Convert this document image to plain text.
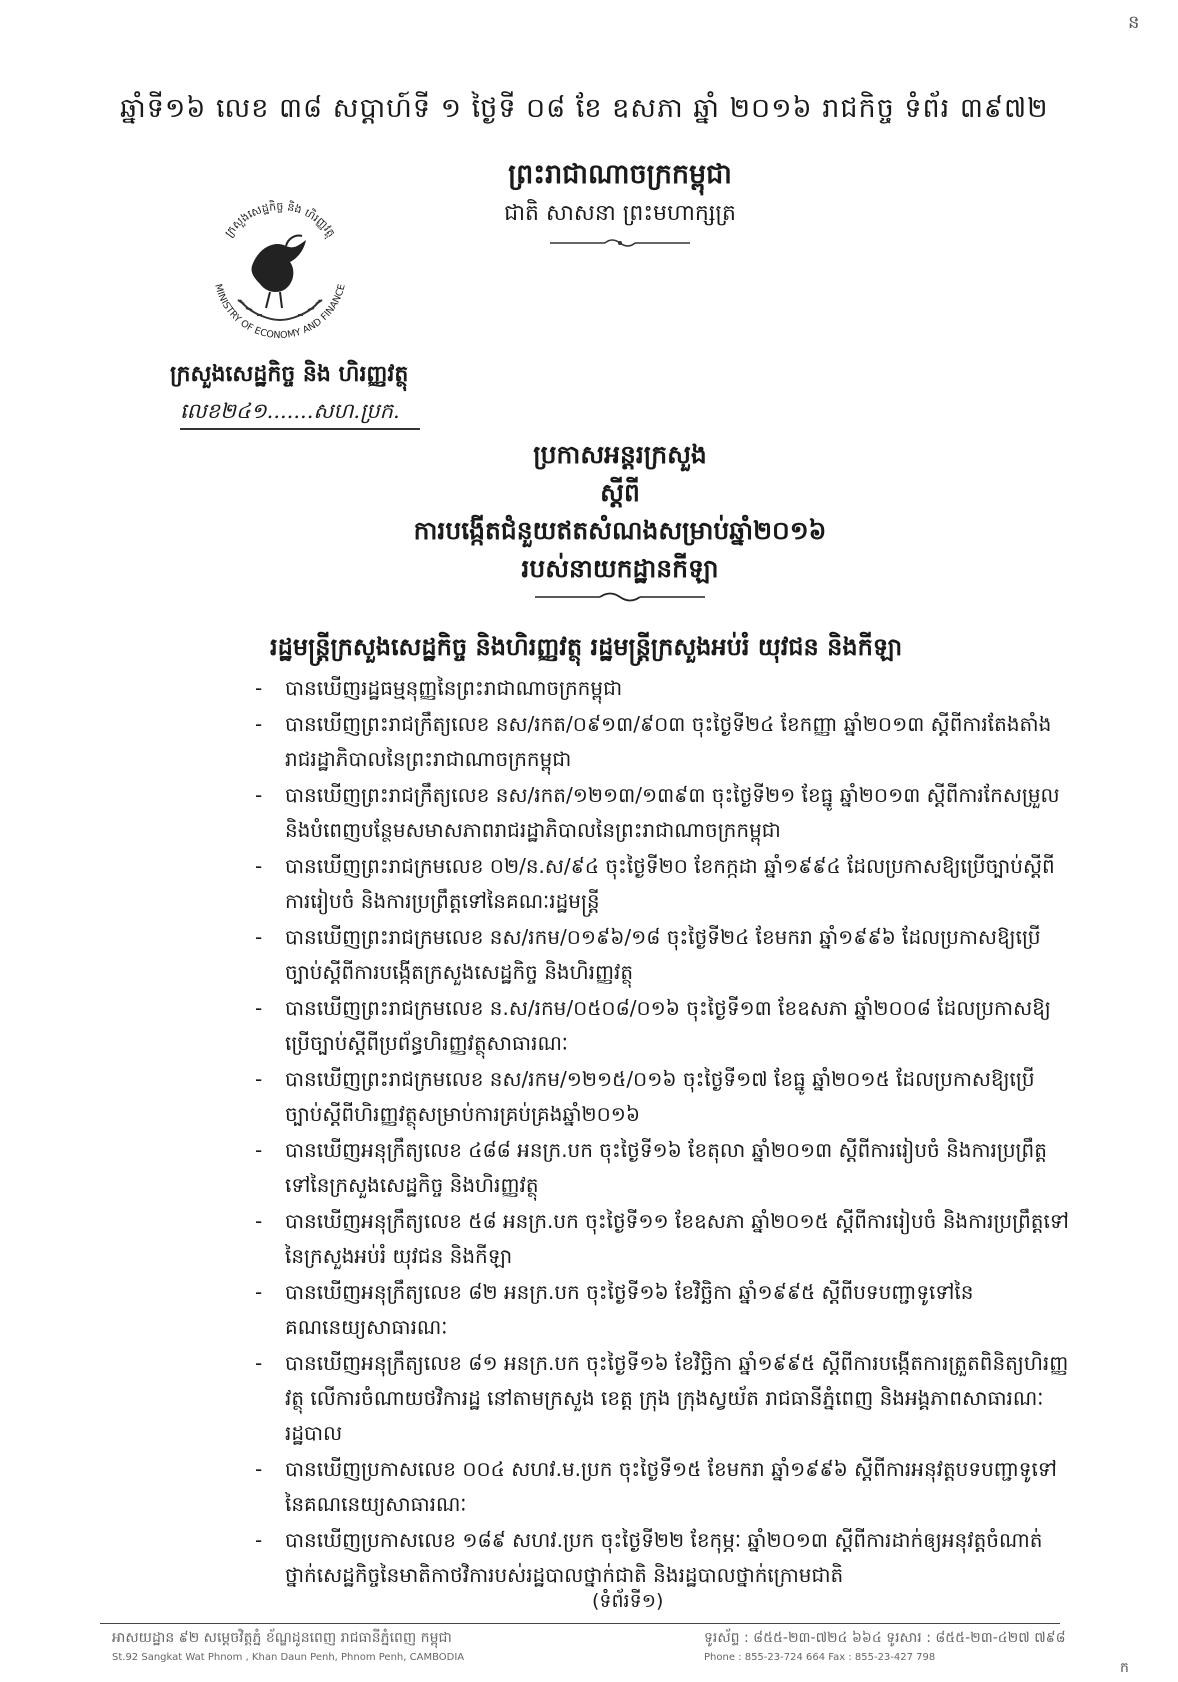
ន
ឆ្នាំទី១៦ លេខ ៣៨ សប្តាហ៍ទី ១ ថ្ងៃទី ០៨ ខែ ឧសភា ឆ្នាំ ២០១៦ រាជកិច្ច ទំព័រ ៣៩៧២
ព្រះរាជាណាចក្រកម្ពុជា
ជាតិ សាសនា ព្រះមហាក្សត្រ
ក្រសួងសេដ្ឋកិច្ច និង ហិរញ្ញវត្ថុ
MINISTRY OF ECONOMY AND FINANCE
ក្រសួងសេដ្ឋកិច្ច និង ហិរញ្ញវត្ថុ
លេខ២៤១.......សហ.ប្រក.
ប្រកាសអន្តរក្រសួង
ស្តីពី
ការបង្កើតជំនួយឥតសំណងសម្រាប់ឆ្នាំ២០១៦
របស់នាយកដ្ឋានកីឡា
រដ្ឋមន្ត្រីក្រសួងសេដ្ឋកិច្ច និងហិរញ្ញវត្ថុ រដ្ឋមន្ត្រីក្រសួងអប់រំ យុវជន និងកីឡា
- បានឃើញរដ្ឋធម្មនុញ្ញនៃព្រះរាជាណាចក្រកម្ពុជា
- បានឃើញព្រះរាជក្រឹត្យលេខ នស/រកត/០៩១៣/៩០៣ ចុះថ្ងៃទី២៤ ខែកញ្ញា ឆ្នាំ២០១៣ ស្តីពីការតែងតាំងរាជរដ្ឋាភិបាលនៃព្រះរាជាណាចក្រកម្ពុជា
- បានឃើញព្រះរាជក្រឹត្យលេខ នស/រកត/១២១៣/១៣៩៣ ចុះថ្ងៃទី២១ ខែធ្នូ ឆ្នាំ២០១៣ ស្តីពីការកែសម្រួល និងបំពេញបន្ថែមសមាសភាពរាជរដ្ឋាភិបាលនៃព្រះរាជាណាចក្រកម្ពុជា
- បានឃើញព្រះរាជក្រមលេខ ០២/ន.ស/៩៤ ចុះថ្ងៃទី២០ ខែកក្កដា ឆ្នាំ១៩៩៤ ដែលប្រកាសឱ្យប្រើច្បាប់ស្តីពីការរៀបចំ និងការប្រព្រឹត្តទៅនៃគណៈរដ្ឋមន្ត្រី
- បានឃើញព្រះរាជក្រមលេខ នស/រកម/០១៩៦/១៨ ចុះថ្ងៃទី២៤ ខែមករា ឆ្នាំ១៩៩៦ ដែលប្រកាសឱ្យប្រើច្បាប់ស្តីពីការបង្កើតក្រសួងសេដ្ឋកិច្ច និងហិរញ្ញវត្ថុ
- បានឃើញព្រះរាជក្រមលេខ ន.ស/រកម/០៥០៨/០១៦ ចុះថ្ងៃទី១៣ ខែឧសភា ឆ្នាំ២០០៨ ដែលប្រកាសឱ្យប្រើច្បាប់ស្តីពីប្រព័ន្ធហិរញ្ញវត្ថុសាធារណៈ
- បានឃើញព្រះរាជក្រមលេខ នស/រកម/១២១៥/០១៦ ចុះថ្ងៃទី១៧ ខែធ្នូ ឆ្នាំ២០១៥ ដែលប្រកាសឱ្យប្រើច្បាប់ស្តីពីហិរញ្ញវត្ថុសម្រាប់ការគ្រប់គ្រងឆ្នាំ២០១៦
- បានឃើញអនុក្រឹត្យលេខ ៤៨៨ អនក្រ.បក ចុះថ្ងៃទី១៦ ខែតុលា ឆ្នាំ២០១៣ ស្តីពីការរៀបចំ និងការប្រព្រឹត្តទៅនៃក្រសួងសេដ្ឋកិច្ច និងហិរញ្ញវត្ថុ
- បានឃើញអនុក្រឹត្យលេខ ៥៨ អនក្រ.បក ចុះថ្ងៃទី១១ ខែឧសភា ឆ្នាំ២០១៥ ស្តីពីការរៀបចំ និងការប្រព្រឹត្តទៅនៃក្រសួងអប់រំ យុវជន និងកីឡា
- បានឃើញអនុក្រឹត្យលេខ ៨២ អនក្រ.បក ចុះថ្ងៃទី១៦ ខែវិច្ឆិកា ឆ្នាំ១៩៩៥ ស្តីពីបទបញ្ជាទូទៅនៃគណនេយ្យសាធារណៈ
- បានឃើញអនុក្រឹត្យលេខ ៨១ អនក្រ.បក ចុះថ្ងៃទី១៦ ខែវិច្ឆិកា ឆ្នាំ១៩៩៥ ស្តីពីការបង្កើតការត្រួតពិនិត្យហិរញ្ញវត្ថុ លើការចំណាយថវិការដ្ឋ នៅតាមក្រសួង ខេត្ត ក្រុង ក្រុងស្វយ័ត រាជធានីភ្នំពេញ និងអង្គភាពសាធារណៈរដ្ឋបាល
- បានឃើញប្រកាសលេខ ០០៤ សហវ.ម.ប្រក ចុះថ្ងៃទី១៥ ខែមករា ឆ្នាំ១៩៩៦ ស្តីពីការអនុវត្តបទបញ្ជាទូទៅ នៃគណនេយ្យសាធារណៈ
- បានឃើញប្រកាសលេខ ១៨៩ សហវ.ប្រក ចុះថ្ងៃទី២២ ខែកុម្ភៈ ឆ្នាំ២០១៣ ស្តីពីការដាក់ឲ្យអនុវត្តចំណាត់ថ្នាក់សេដ្ឋកិច្ចនៃមាតិកាថវិការបស់រដ្ឋបាលថ្នាក់ជាតិ និងរដ្ឋបាលថ្នាក់ក្រោមជាតិ
(ទំព័រទី១)
អាសយដ្ឋាន ៩២ សម្តេចវិត្តភ្នំ ខ័ណ្ឌដូនពេញ រាជធានីភ្នំពេញ កម្ពុជា
St.92 Sangkat Wat Phnom , Khan Daun Penh, Phnom Penh, CAMBODIA
ទូរស័ព្ទ : ៨៥៥-២៣-៧២៤ ៦៦៤ ទូរសារ : ៨៥៥-២៣-៤២៧ ៧៩៨
Phone : 855-23-724 664 Fax : 855-23-427 798
ក
